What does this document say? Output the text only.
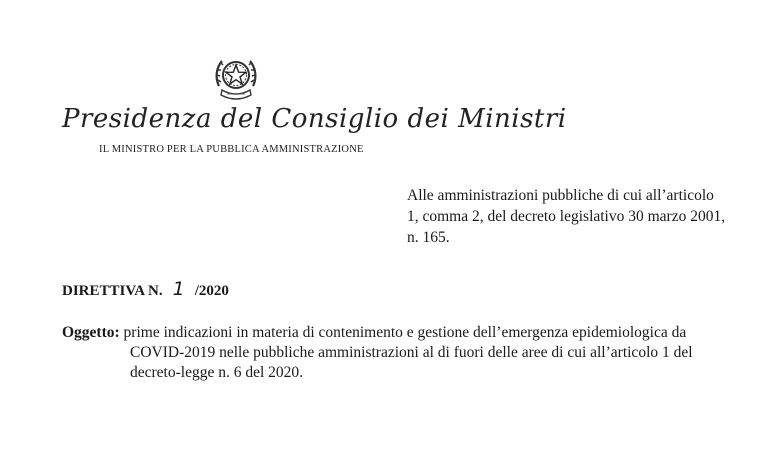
Presidenza del Consiglio dei Ministri
IL MINISTRO PER LA PUBBLICA AMMINISTRAZIONE
Alle amministrazioni pubbliche di cui all’articolo
1, comma 2, del decreto legislativo 30 marzo 2001,
n. 165.
DIRETTIVA N. 1 /2020
Oggetto: prime indicazioni in materia di contenimento e gestione dell’emergenza epidemiologica da
COVID-2019 nelle pubbliche amministrazioni al di fuori delle aree di cui all’articolo 1 del
decreto-legge n. 6 del 2020.
